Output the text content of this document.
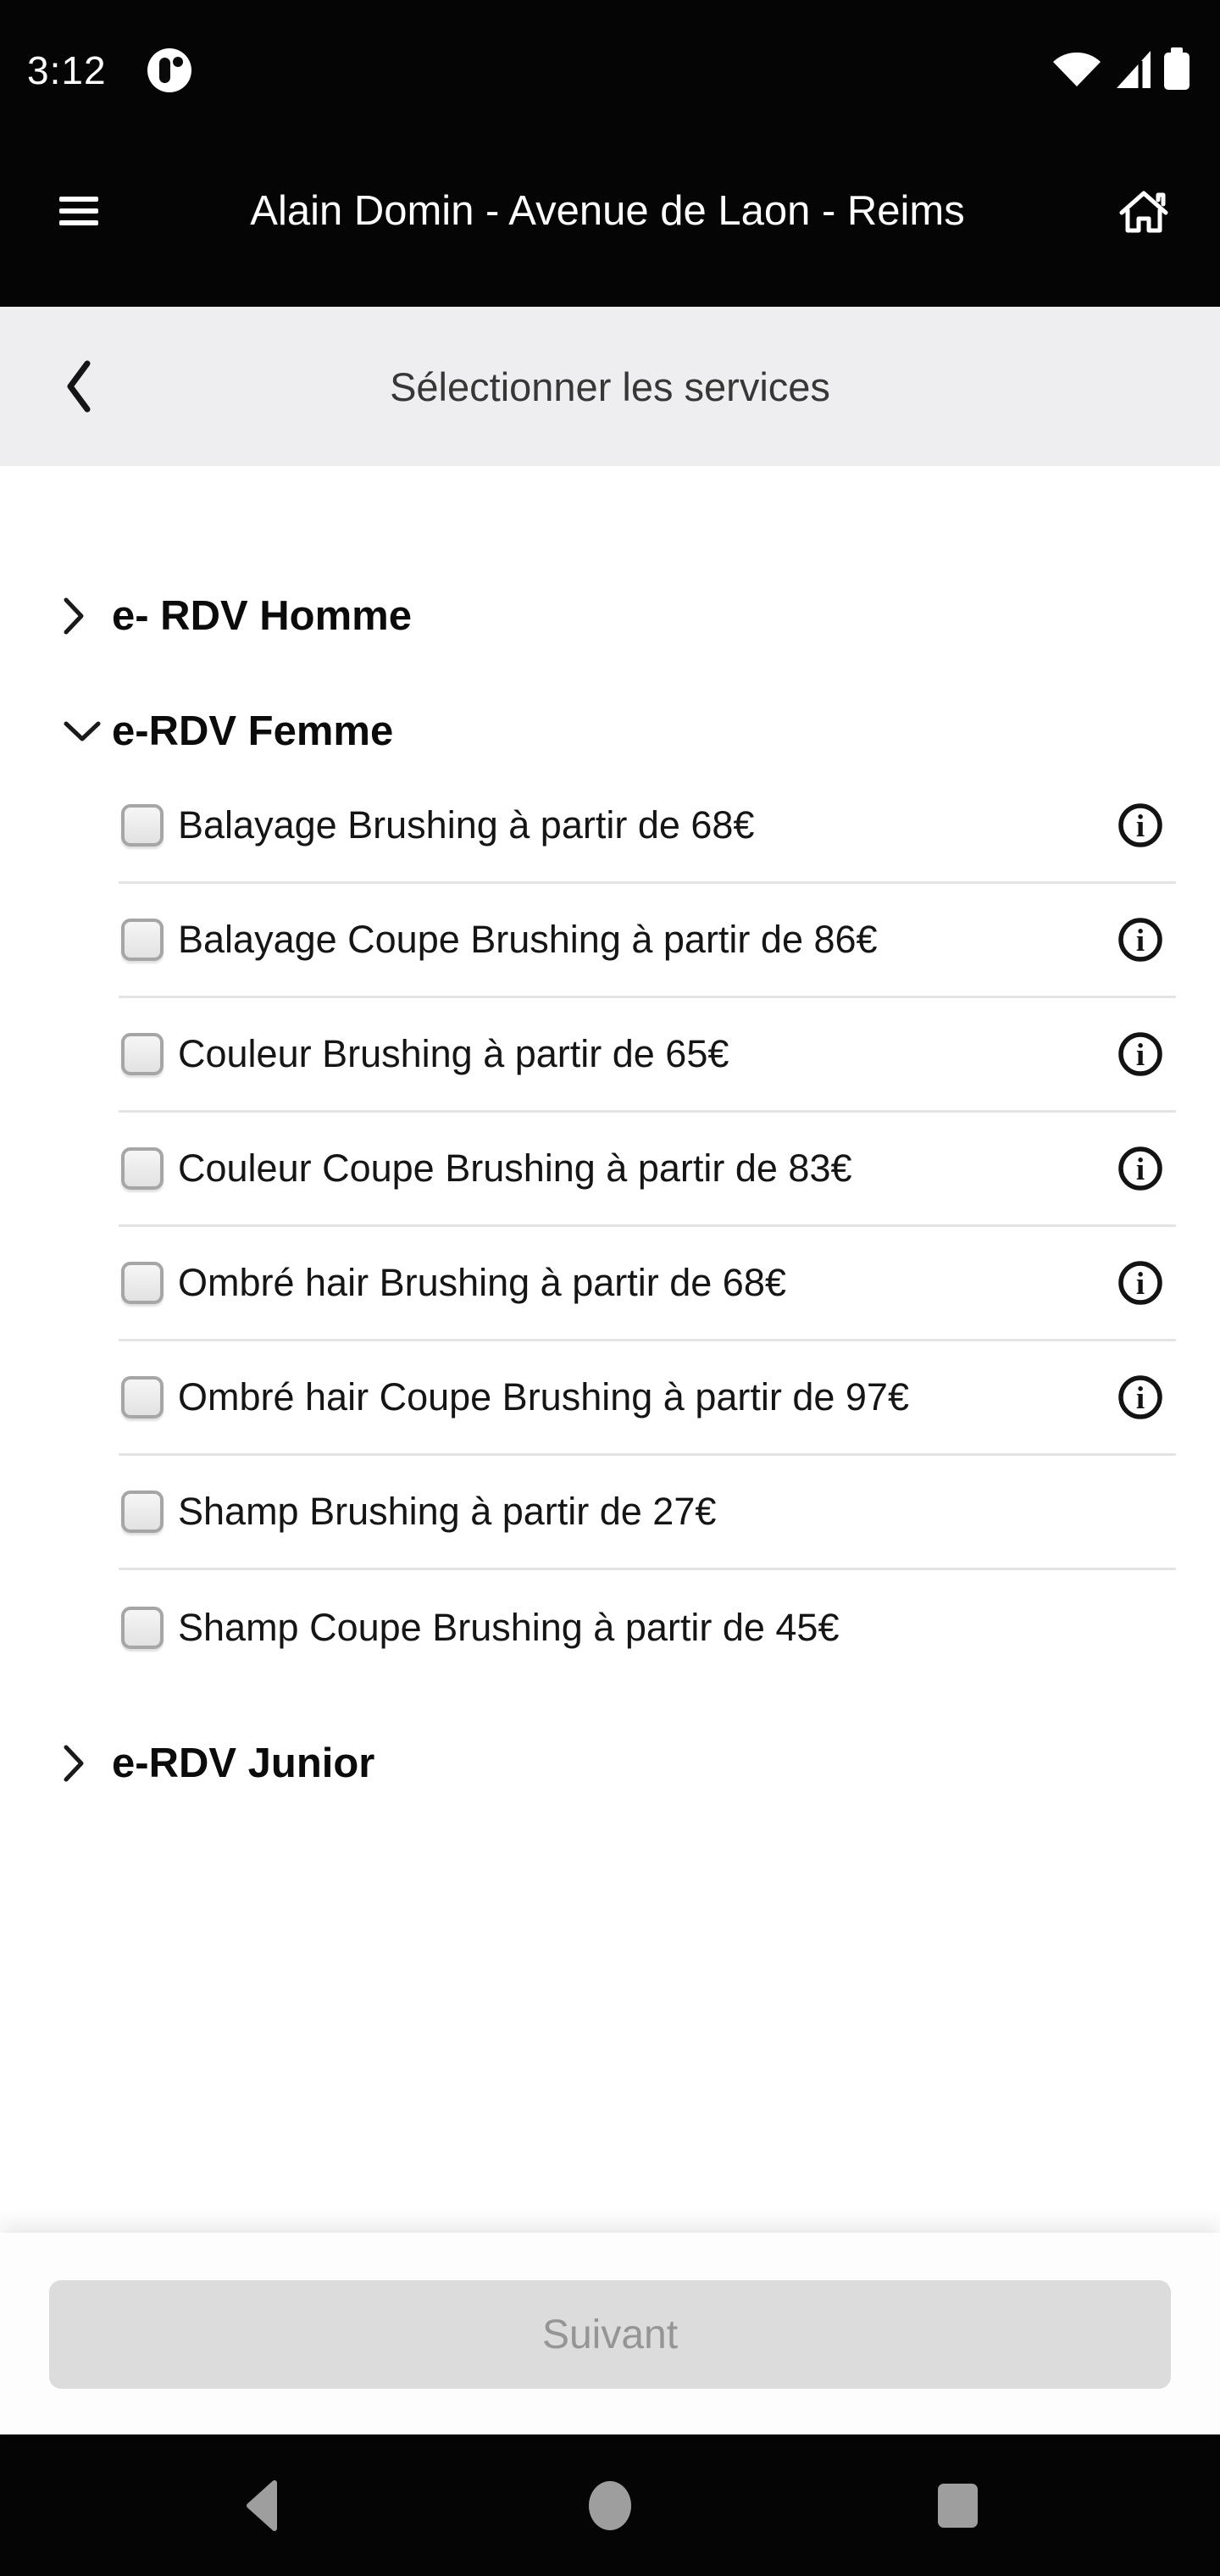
3:12
Alain Domin - Avenue de Laon - Reims
Sélectionner les services
e- RDV Homme
e-RDV Femme
Balayage Brushing à partir de 68€	i
Balayage Coupe Brushing à partir de 86€	i
Couleur Brushing à partir de 65€	i
Couleur Coupe Brushing à partir de 83€	i
Ombré hair Brushing à partir de 68€	i
Ombré hair Coupe Brushing à partir de 97€	i
Shamp Brushing à partir de 27€
Shamp Coupe Brushing à partir de 45€
e-RDV Junior
Suivant
